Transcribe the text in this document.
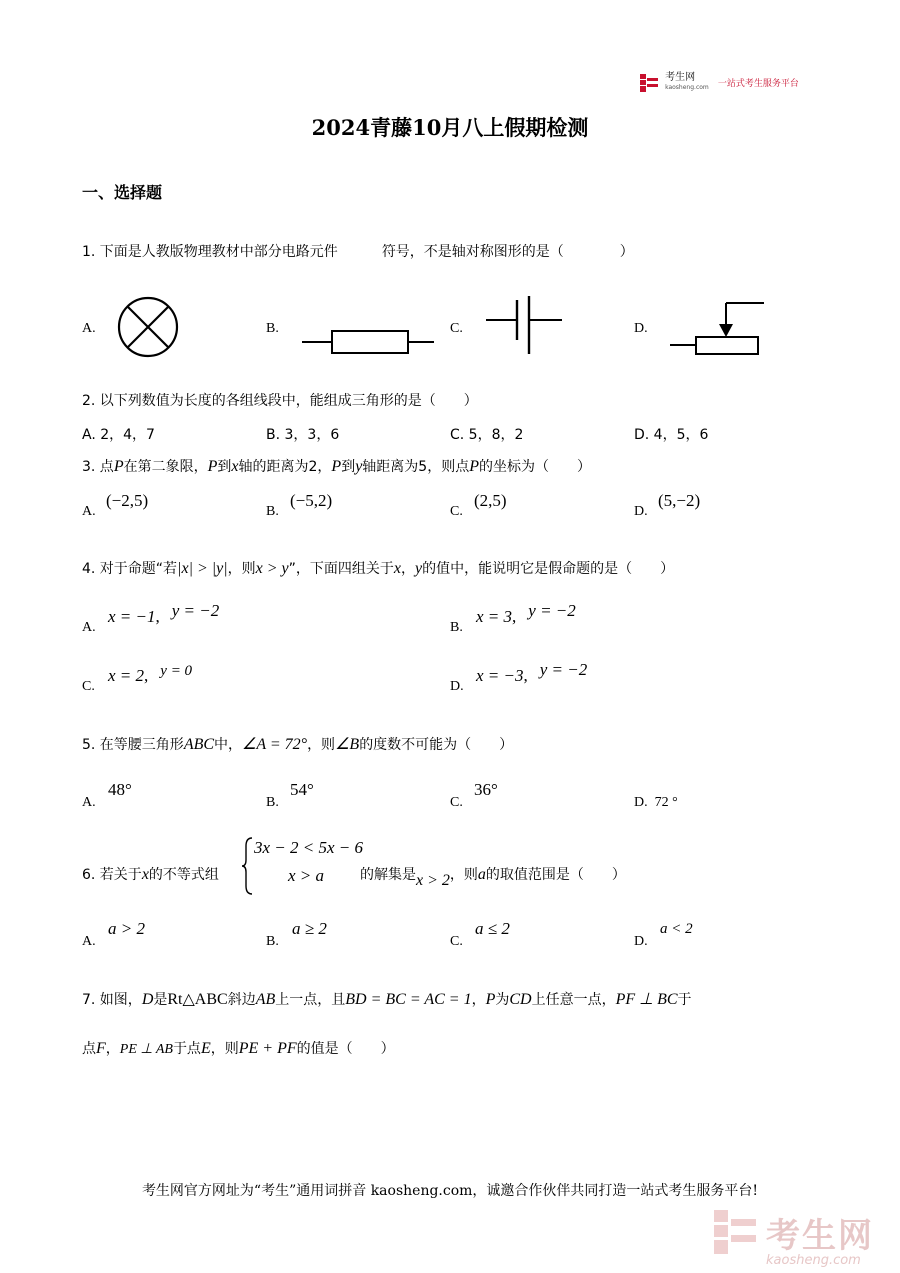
考生网
kaosheng.com 一站式考生服务平台
2024青藤10月八上假期检测
一、选择题
1. 下面是人教版物理教材中部分电路元件	符号，不是轴对称图形的是（　　　　）
A.	B.	C.	D.
2. 以下列数值为长度的各组线段中，能组成三角形的是（　　）
A. 2，4，7	B. 3，3，6	C. 5，8，2	D. 4，5，6
3. 点P在第二象限，P到x轴的距离为2，P到y轴距离为5，则点P的坐标为（　　）
A.
(−2,5)
B.
(−5,2)
C.
(2,5)
D.
(5,−2)
4. 对于命题“若|x| > |y|，则x > y”，下面四组关于x，y的值中，能说明它是假命题的是（　　）
A.
x = −1, y = −2
B.
x = 3, y = −2
C.
x = 2, y = 0
D.
x = −3, y = −2
5. 在等腰三角形ABC中，∠A = 72°，则∠B的度数不可能为（　　）
A.
48°
B.
54°
C.
36°
D. 72 °
6. 若关于x的不等式组
3x − 2 < 5x − 6
x > a	的解集是x > 2，则a的取值范围是（　　）
A.
a > 2
B.
a ≥ 2
C.
a ≤ 2
D.
a < 2
7. 如图，D是Rt△ABC斜边AB上一点，且BD = BC = AC = 1，P为CD上任意一点，PF ⊥ BC于
点F，PE ⊥ AB于点E，则PE + PF的值是（　　）
考生网官方网址为“考生”通用词拼音 kaosheng.com，诚邀合作伙伴共同打造一站式考生服务平台!
考生网
kaosheng.com
